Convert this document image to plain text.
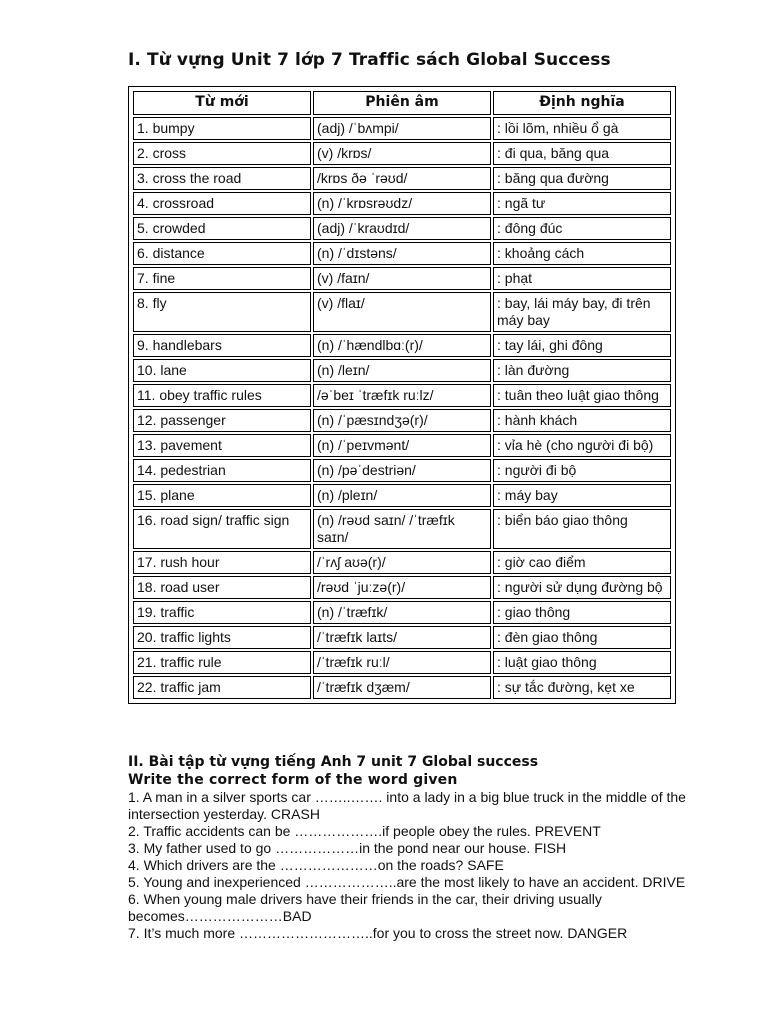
I. Từ vựng Unit 7 lớp 7 Traffic sách Global Success
Từ mới	Phiên âm	Định nghĩa
1. bumpy	(adj) /ˈbʌmpi/	: lồi lõm, nhiều ổ gà
2. cross	(v) /krɒs/	: đi qua, băng qua
3. cross the road	/krɒs ðə ˈrəʊd/	: băng qua đường
4. crossroad	(n) /ˈkrɒsrəʊdz/	: ngã tư
5. crowded	(adj) /ˈkraʊdɪd/	: đông đúc
6. distance	(n) /ˈdɪstəns/	: khoảng cách
7. fine	(v) /faɪn/	: phạt
8. fly	(v) /flaɪ/	: bay, lái máy bay, đi trên máy bay
9. handlebars	(n) /ˈhændlbɑː(r)/	: tay lái, ghi đông
10. lane	(n) /leɪn/	: làn đường
11. obey traffic rules	/əˈbeɪ ˈtræfɪk ruːlz/	: tuân theo luật giao thông
12. passenger	(n) /ˈpæsɪndʒə(r)/	: hành khách
13. pavement	(n) /ˈpeɪvmənt/	: vỉa hè (cho người đi bộ)
14. pedestrian	(n) /pəˈdestriən/	: người đi bộ
15. plane	(n) /pleɪn/	: máy bay
16. road sign/ traffic sign	(n) /rəʊd saɪn/ /ˈtræfɪk saɪn/	: biển báo giao thông
17. rush hour	/ˈrʌʃ aʊə(r)/	: giờ cao điểm
18. road user	/rəʊd ˈjuːzə(r)/	: người sử dụng đường bộ
19. traffic	(n) /ˈtræfɪk/	: giao thông
20. traffic lights	/ˈtræfɪk laɪts/	: đèn giao thông
21. traffic rule	/ˈtræfɪk ruːl/	: luật giao thông
22. traffic jam	/ˈtræfɪk dʒæm/	: sự tắc đường, kẹt xe
II. Bài tập từ vựng tiếng Anh 7 unit 7 Global success
Write the correct form of the word given
1. A man in a silver sports car ……..……. into a lady in a big blue truck in the middle of the intersection yesterday. CRASH
2. Traffic accidents can be ……………….if people obey the rules. PREVENT
3. My father used to go ………………in the pond near our house. FISH
4. Which drivers are the …………………on the roads? SAFE
5. Young and inexperienced ………………..are the most likely to have an accident. DRIVE
6. When young male drivers have their friends in the car, their driving usually becomes…………………BAD
7. It’s much more ………………………..for you to cross the street now. DANGER
